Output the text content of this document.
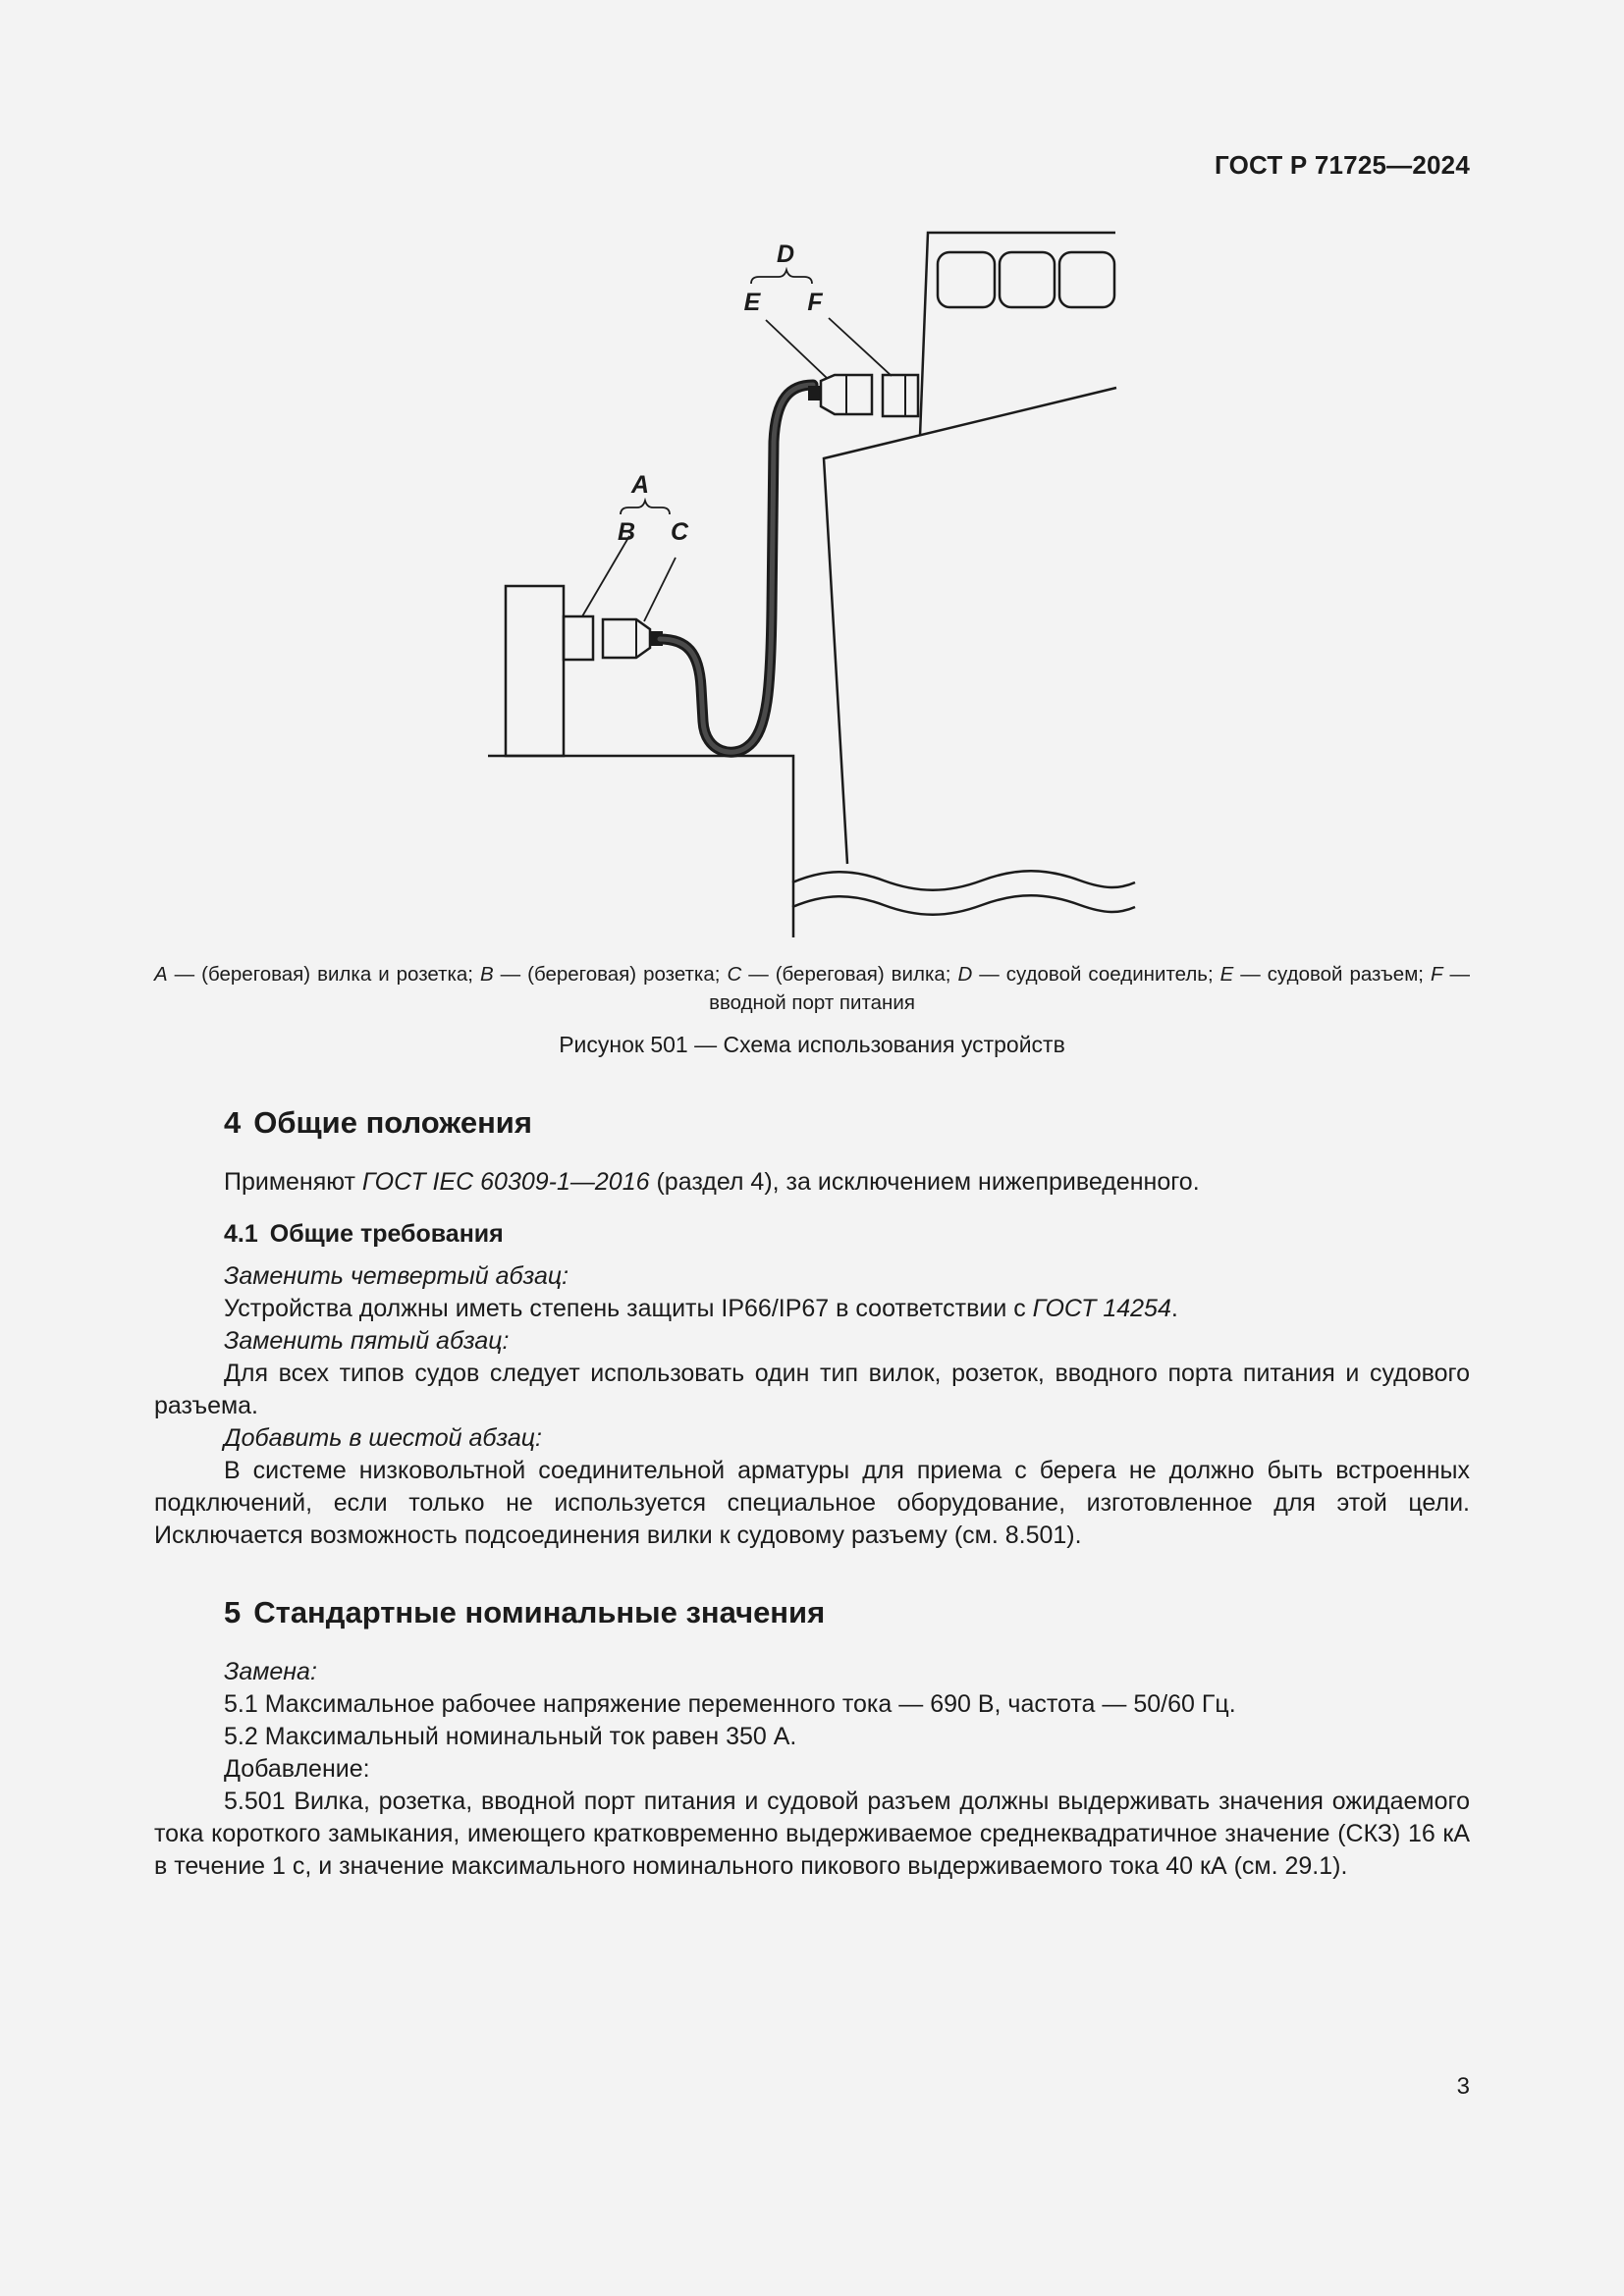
ГОСТ Р 71725—2024
A
B C
D
E F
A — (береговая) вилка и розетка; B — (береговая) розетка; C — (береговая) вилка; D — судовой соединитель; E — судовой разъем; F — вводной порт питания
Рисунок 501 — Схема использования устройств
4 Общие положения

Применяют ГОСТ IEC 60309-1—2016 (раздел 4), за исключением нижеприведенного.

4.1 Общие требования

Заменить четвертый абзац:

Устройства должны иметь степень защиты IP66/IP67 в соответствии с ГОСТ 14254.

Заменить пятый абзац:

Для всех типов судов следует использовать один тип вилок, розеток, вводного порта питания и судового разъема.

Добавить в шестой абзац:

В системе низковольтной соединительной арматуры для приема с берега не должно быть встроенных подключений, если только не используется специальное оборудование, изготовленное для этой цели. Исключается возможность подсоединения вилки к судовому разъему (см. 8.501).

5 Стандартные номинальные значения

Замена:

5.1 Максимальное рабочее напряжение переменного тока — 690 В, частота — 50/60 Гц.

5.2 Максимальный номинальный ток равен 350 А.

Добавление:

5.501 Вилка, розетка, вводной порт питания и судовой разъем должны выдерживать значения ожидаемого тока короткого замыкания, имеющего кратковременно выдерживаемое среднеквадратичное значение (СКЗ) 16 кА в течение 1 с, и значение максимального номинального пикового выдерживаемого тока 40 кА (см. 29.1).

3
